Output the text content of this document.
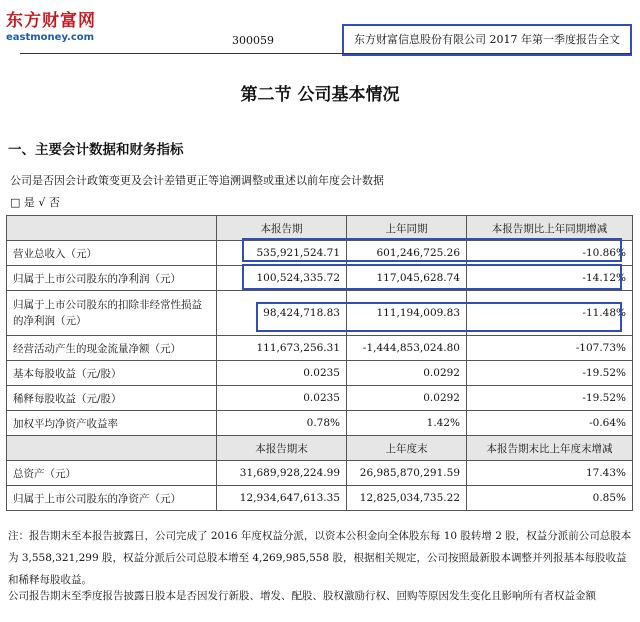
东方财富网
eastmoney.com	300059	东方财富信息股份有限公司 2017 年第一季度报告全文
第二节 公司基本情况
一、主要会计数据和财务指标
公司是否因会计政策变更及会计差错更正等追溯调整或重述以前年度会计数据
□ 是 √ 否
	本报告期	上年同期	本报告期比上年同期增减
营业总收入（元）	535,921,524.71	601,246,725.26	-10.86%
归属于上市公司股东的净利润（元）	100,524,335.72	117,045,628.74	-14.12%
归属于上市公司股东的扣除非经常性损益的净利润（元）	98,424,718.83	111,194,009.83	-11.48%
经营活动产生的现金流量净额（元）	111,673,256.31	-1,444,853,024.80	-107.73%
基本每股收益（元/股）	0.0235	0.0292	-19.52%
稀释每股收益（元/股）	0.0235	0.0292	-19.52%
加权平均净资产收益率	0.78%	1.42%	-0.64%
	本报告期末	上年度末	本报告期末比上年度末增减
总资产（元）	31,689,928,224.99	26,985,870,291.59	17.43%
归属于上市公司股东的净资产（元）	12,934,647,613.35	12,825,034,735.22	0.85%
注：报告期末至本报告披露日，公司完成了 2016 年度权益分派，以资本公积金向全体股东每 10 股转增 2 股，权益分派前公司总股本为 3,558,321,299 股，权益分派后公司总股本增至 4,269,985,558 股，根据相关规定，公司按照最新股本调整并列报基本每股收益和稀释每股收益。
公司报告期末至季度报告披露日股本是否因发行新股、增发、配股、股权激励行权、回购等原因发生变化且影响所有者权益金额
